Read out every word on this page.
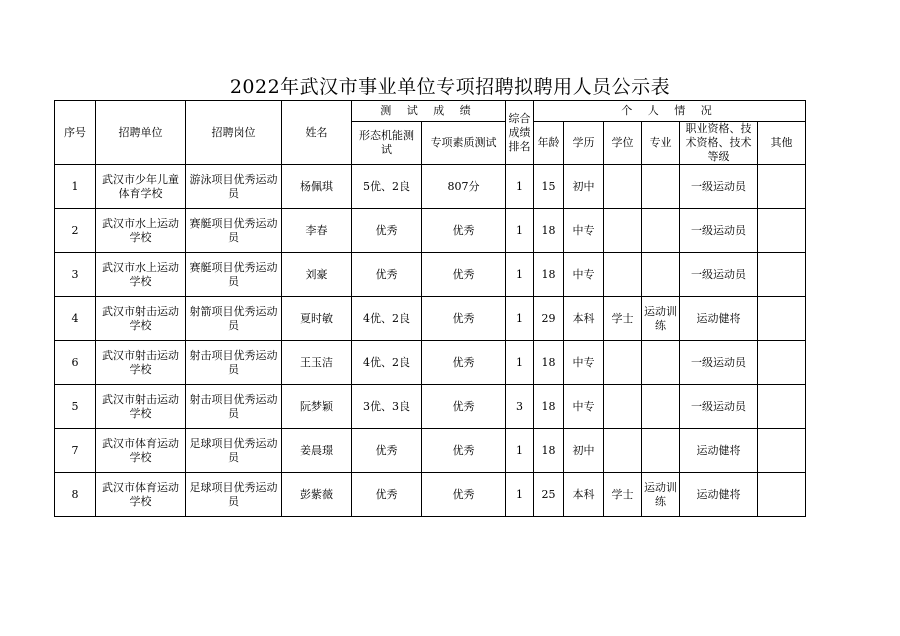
2022年武汉市事业单位专项招聘拟聘用人员公示表
序号	招聘单位	招聘岗位	姓名	测 试 成 绩		综合成绩排名	个 人 情 况					
				形态机能测试	专项素质测试		年龄	学历	学位	专业	职业资格、技术资格、技术等级	其他
1	武汉市少年儿童体育学校	游泳项目优秀运动员	杨佩琪	5优、2良	807分	1	15	初中			一级运动员	
2	武汉市水上运动学校	赛艇项目优秀运动员	李春	优秀	优秀	1	18	中专			一级运动员	
3	武汉市水上运动学校	赛艇项目优秀运动员	刘豪	优秀	优秀	1	18	中专			一级运动员	
4	武汉市射击运动学校	射箭项目优秀运动员	夏时敏	4优、2良	优秀	1	29	本科	学士	运动训练	运动健将	
6	武汉市射击运动学校	射击项目优秀运动员	王玉洁	4优、2良	优秀	1	18	中专			一级运动员	
5	武汉市射击运动学校	射击项目优秀运动员	阮梦颖	3优、3良	优秀	3	18	中专			一级运动员	
7	武汉市体育运动学校	足球项目优秀运动员	姜晨璟	优秀	优秀	1	18	初中			运动健将	
8	武汉市体育运动学校	足球项目优秀运动员	彭紫薇	优秀	优秀	1	25	本科	学士	运动训练	运动健将	
